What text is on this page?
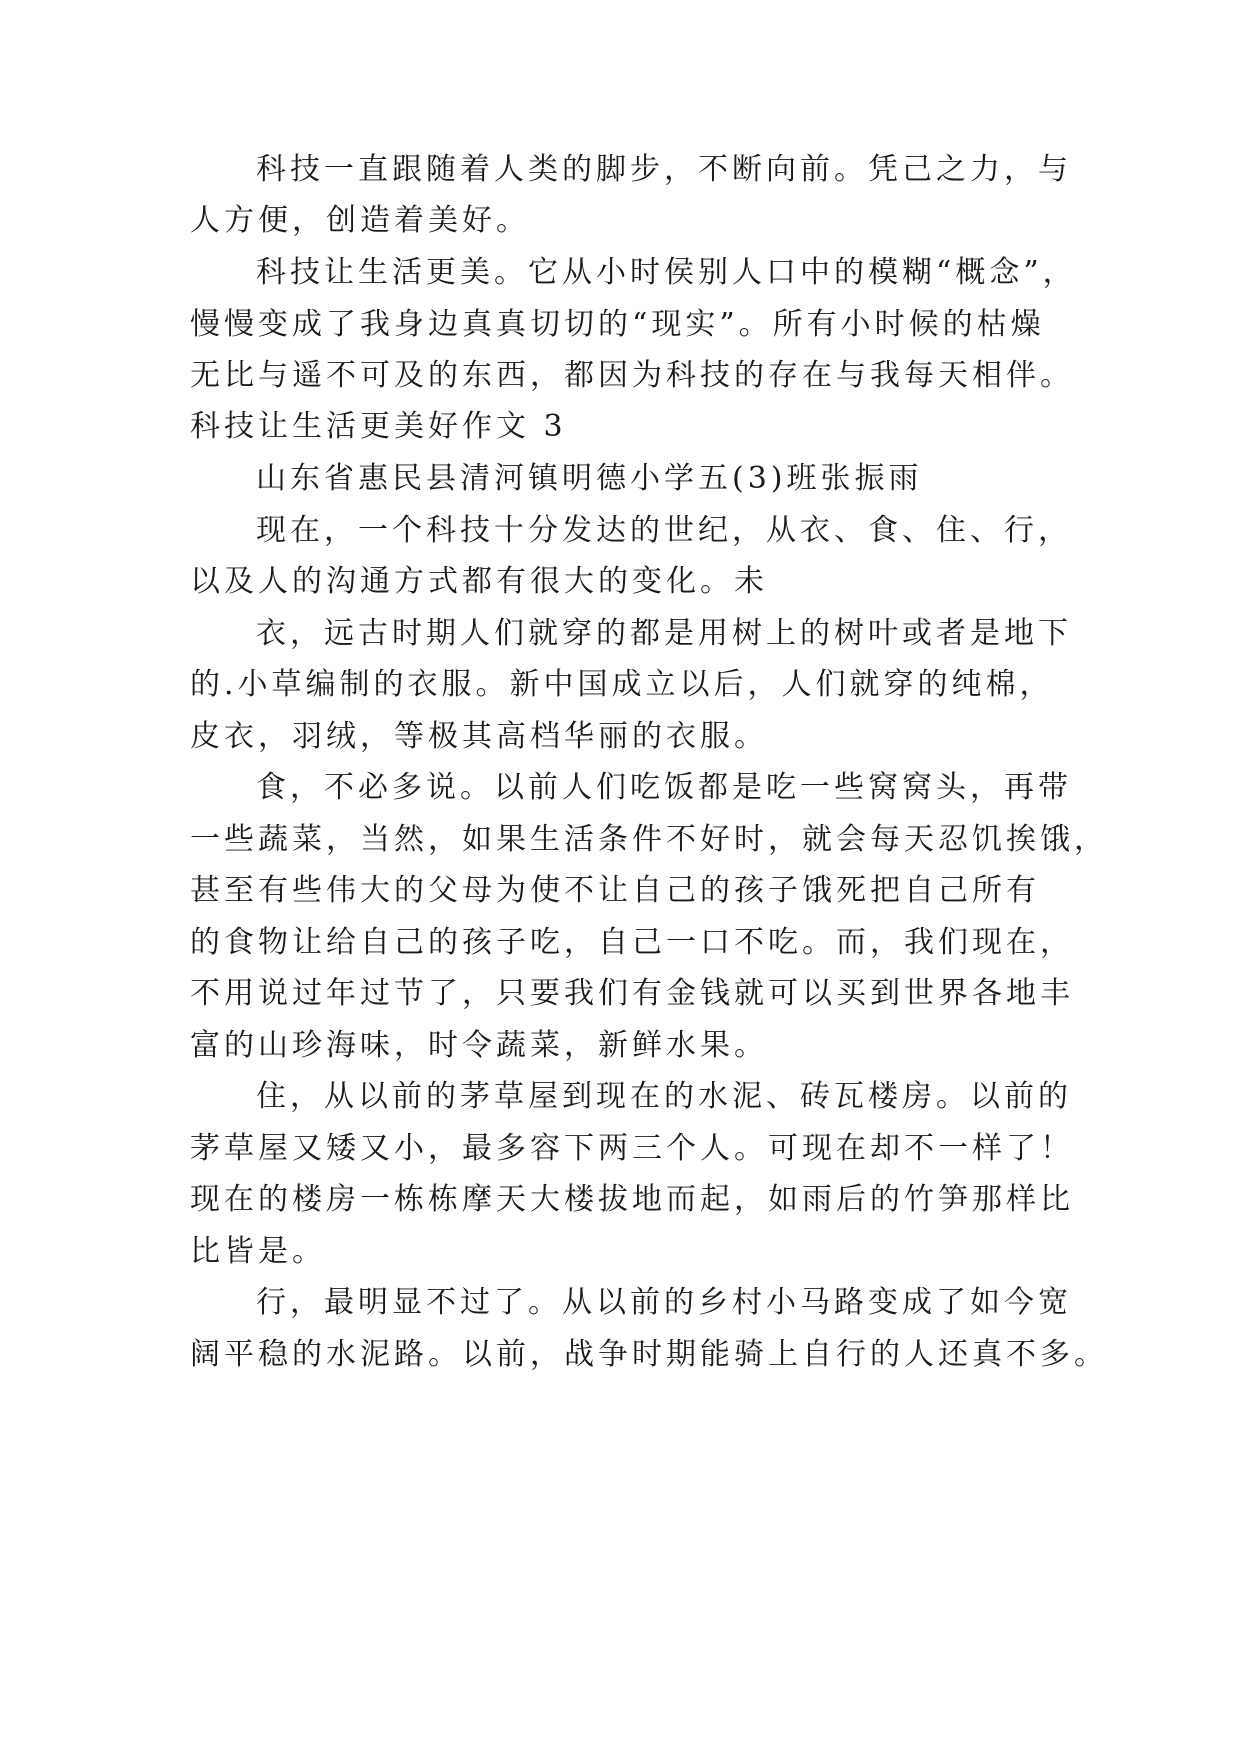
科技一直跟随着人类的脚步，不断向前。凭己之力，与
人方便，创造着美好。
科技让生活更美。它从小时侯别人口中的模糊“概念”，
慢慢变成了我身边真真切切的“现实”。所有小时候的枯燥
无比与遥不可及的东西，都因为科技的存在与我每天相伴。
科技让生活更美好作文 3
山东省惠民县清河镇明德小学五(3)班张振雨
现在，一个科技十分发达的世纪，从衣、食、住、行，
以及人的沟通方式都有很大的变化。未
衣，远古时期人们就穿的都是用树上的树叶或者是地下
的.小草编制的衣服。新中国成立以后，人们就穿的纯棉，
皮衣，羽绒，等极其高档华丽的衣服。
食，不必多说。以前人们吃饭都是吃一些窝窝头，再带
一些蔬菜，当然，如果生活条件不好时，就会每天忍饥挨饿，
甚至有些伟大的父母为使不让自己的孩子饿死把自己所有
的食物让给自己的孩子吃，自己一口不吃。而，我们现在，
不用说过年过节了，只要我们有金钱就可以买到世界各地丰
富的山珍海味，时令蔬菜，新鲜水果。
住，从以前的茅草屋到现在的水泥、砖瓦楼房。以前的
茅草屋又矮又小，最多容下两三个人。可现在却不一样了！
现在的楼房一栋栋摩天大楼拔地而起，如雨后的竹笋那样比
比皆是。
行，最明显不过了。从以前的乡村小马路变成了如今宽
阔平稳的水泥路。以前，战争时期能骑上自行的人还真不多。
